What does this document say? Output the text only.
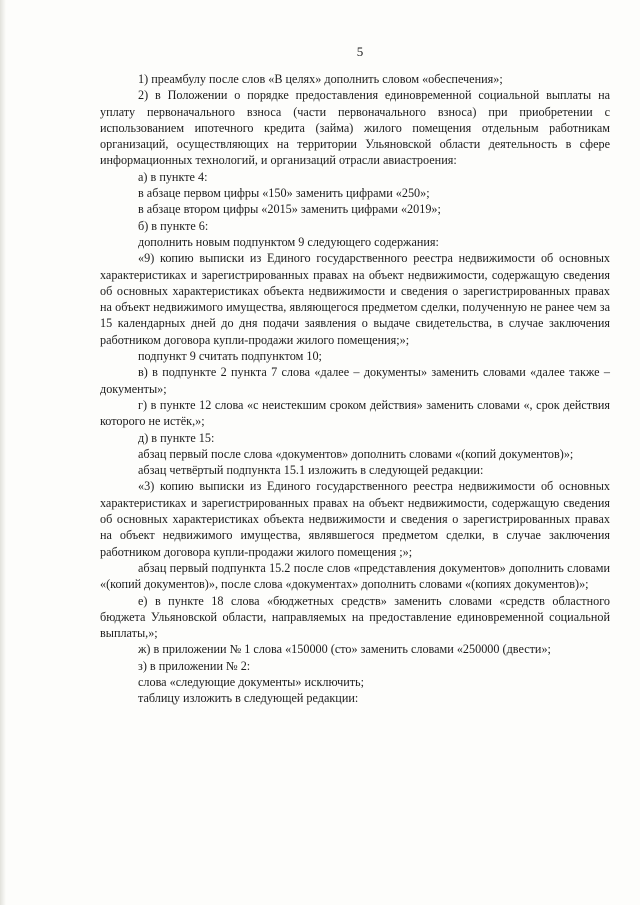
5

1) преамбулу после слов «В целях» дополнить словом «обеспечения»;

2) в Положении о порядке предоставления единовременной социальной выплаты на уплату первоначального взноса (части первоначального взноса) при приобретении с использованием ипотечного кредита (займа) жилого помещения отдельным работникам организаций, осуществляющих на территории Ульяновской области деятельность в сфере информационных технологий, и организаций отрасли авиастроения:

а) в пункте 4:

в абзаце первом цифры «150» заменить цифрами «250»;

в абзаце втором цифры «2015» заменить цифрами «2019»;

б) в пункте 6:

дополнить новым подпунктом 9 следующего содержания:

«9) копию выписки из Единого государственного реестра недвижимости об основных характеристиках и зарегистрированных правах на объект недвижимости, содержащую сведения об основных характеристиках объекта недвижимости и сведения о зарегистрированных правах на объект недвижимого имущества, являющегося предметом сделки, полученную не ранее чем за 15 календарных дней до дня подачи заявления о выдаче свидетельства, в случае заключения работником договора купли-продажи жилого помещения;»;

подпункт 9 считать подпунктом 10;

в) в подпункте 2 пункта 7 слова «далее – документы» заменить словами «далее также – документы»;

г) в пункте 12 слова «с неистекшим сроком действия» заменить словами «, срок действия которого не истёк,»;

д) в пункте 15:

абзац первый после слова «документов» дополнить словами «(копий документов)»;

абзац четвёртый подпункта 15.1 изложить в следующей редакции:

«3) копию выписки из Единого государственного реестра недвижимости об основных характеристиках и зарегистрированных правах на объект недвижимости, содержащую сведения об основных характеристиках объекта недвижимости и сведения о зарегистрированных правах на объект недвижимого имущества, являвшегося предметом сделки, в случае заключения работником договора купли-продажи жилого помещения ;»;

абзац первый подпункта 15.2 после слов «представления документов» дополнить словами «(копий документов)», после слова «документах» дополнить словами «(копиях документов)»;

е) в пункте 18 слова «бюджетных средств» заменить словами «средств областного бюджета Ульяновской области, направляемых на предоставление единовременной социальной выплаты,»;

ж) в приложении № 1 слова «150000 (сто» заменить словами «250000 (двести»;

з) в приложении № 2:

слова «следующие документы» исключить;

таблицу изложить в следующей редакции:
